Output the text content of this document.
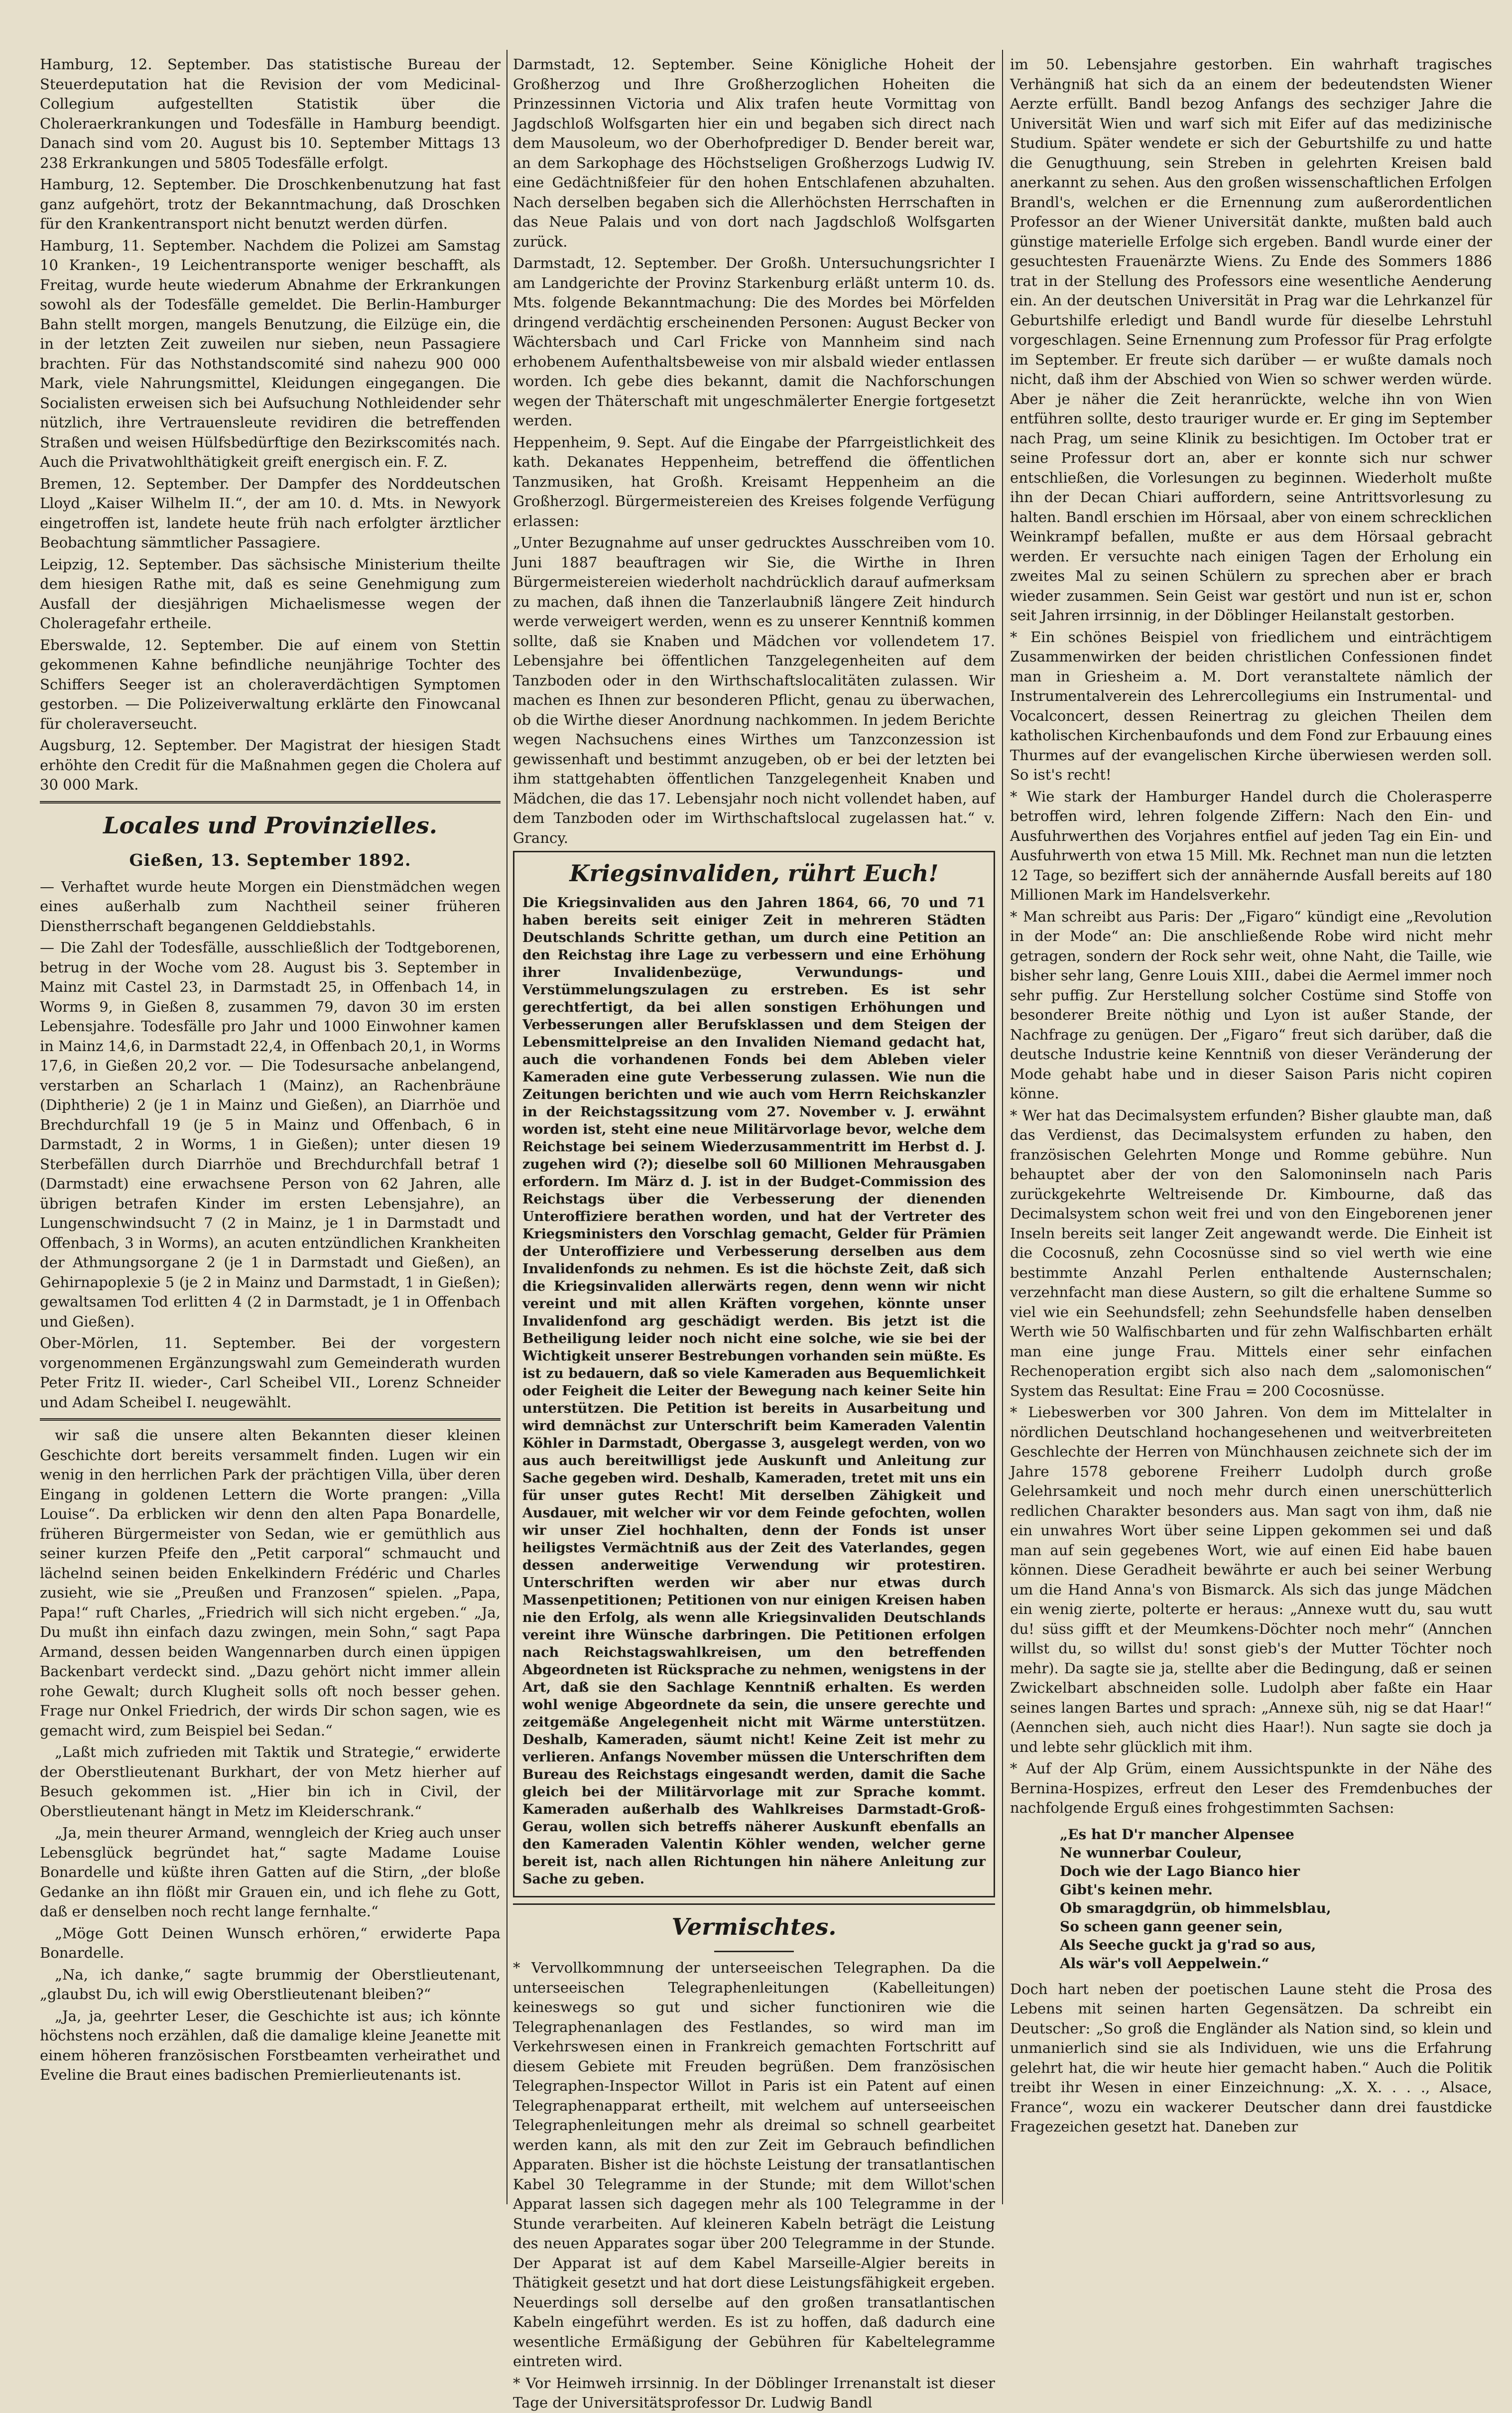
Hamburg, 12. September. Das statistische Bureau der Steuerdeputation hat die Revision der vom Medicinal-Collegium aufgestellten Statistik über die Choleraerkrankungen und Todesfälle in Hamburg beendigt. Danach sind vom 20. August bis 10. September Mittags 13 238 Erkrankungen und 5805 Todesfälle erfolgt.

Hamburg, 12. September. Die Droschkenbenutzung hat fast ganz aufgehört, trotz der Bekanntmachung, daß Droschken für den Krankentransport nicht benutzt werden dürfen.

Hamburg, 11. September. Nachdem die Polizei am Samstag 10 Kranken-, 19 Leichentransporte weniger beschafft, als Freitag, wurde heute wiederum Abnahme der Erkrankungen sowohl als der Todesfälle gemeldet. Die Berlin-Hamburger Bahn stellt morgen, mangels Benutzung, die Eilzüge ein, die in der letzten Zeit zuweilen nur sieben, neun Passagiere brachten. Für das Nothstandscomité sind nahezu 900 000 Mark, viele Nahrungsmittel, Kleidungen eingegangen. Die Socialisten erweisen sich bei Aufsuchung Nothleidender sehr nützlich, ihre Vertrauensleute revidiren die betreffenden Straßen und weisen Hülfsbedürftige den Bezirkscomités nach. Auch die Privatwohlthätigkeit greift energisch ein. F. Z.

Bremen, 12. September. Der Dampfer des Norddeutschen Lloyd „Kaiser Wilhelm II.“, der am 10. d. Mts. in Newyork eingetroffen ist, landete heute früh nach erfolgter ärztlicher Beobachtung sämmtlicher Passagiere.

Leipzig, 12. September. Das sächsische Ministerium theilte dem hiesigen Rathe mit, daß es seine Genehmigung zum Ausfall der diesjährigen Michaelismesse wegen der Choleragefahr ertheile.

Eberswalde, 12. September. Die auf einem von Stettin gekommenen Kahne befindliche neunjährige Tochter des Schiffers Seeger ist an choleraverdächtigen Symptomen gestorben. — Die Polizeiverwaltung erklärte den Finowcanal für choleraverseucht.

Augsburg, 12. September. Der Magistrat der hiesigen Stadt erhöhte den Credit für die Maßnahmen gegen die Cholera auf 30 000 Mark.

Locales und Provinzielles.
Gießen, 13. September 1892.

— Verhaftet wurde heute Morgen ein Dienstmädchen wegen eines außerhalb zum Nachtheil seiner früheren Dienstherrschaft begangenen Gelddiebstahls.

— Die Zahl der Todesfälle, ausschließlich der Todtgeborenen, betrug in der Woche vom 28. August bis 3. September in Mainz mit Castel 23, in Darmstadt 25, in Offenbach 14, in Worms 9, in Gießen 8, zusammen 79, davon 30 im ersten Lebensjahre. Todesfälle pro Jahr und 1000 Einwohner kamen in Mainz 14,6, in Darmstadt 22,4, in Offenbach 20,1, in Worms 17,6, in Gießen 20,2 vor. — Die Todesursache anbelangend, verstarben an Scharlach 1 (Mainz), an Rachenbräune (Diphtherie) 2 (je 1 in Mainz und Gießen), an Diarrhöe und Brechdurchfall 19 (je 5 in Mainz und Offenbach, 6 in Darmstadt, 2 in Worms, 1 in Gießen); unter diesen 19 Sterbefällen durch Diarrhöe und Brechdurchfall betraf 1 (Darmstadt) eine erwachsene Person von 62 Jahren, alle übrigen betrafen Kinder im ersten Lebensjahre), an Lungenschwindsucht 7 (2 in Mainz, je 1 in Darmstadt und Offenbach, 3 in Worms), an acuten entzündlichen Krankheiten der Athmungsorgane 2 (je 1 in Darmstadt und Gießen), an Gehirnapoplexie 5 (je 2 in Mainz und Darmstadt, 1 in Gießen); gewaltsamen Tod erlitten 4 (2 in Darmstadt, je 1 in Offenbach und Gießen).

Ober-Mörlen, 11. September. Bei der vorgestern vorgenommenen Ergänzungswahl zum Gemeinderath wurden Peter Fritz II. wieder-, Carl Scheibel VII., Lorenz Schneider und Adam Scheibel I. neugewählt.

wir saß die unsere alten Bekannten dieser kleinen Geschichte dort bereits versammelt finden. Lugen wir ein wenig in den herrlichen Park der prächtigen Villa, über deren Eingang in goldenen Lettern die Worte prangen: „Villa Louise“. Da erblicken wir denn den alten Papa Bonardelle, früheren Bürgermeister von Sedan, wie er gemüthlich aus seiner kurzen Pfeife den „Petit carporal“ schmaucht und lächelnd seinen beiden Enkelkindern Frédéric und Charles zusieht, wie sie „Preußen und Franzosen“ spielen. „Papa, Papa!“ ruft Charles, „Friedrich will sich nicht ergeben.“ „Ja, Du mußt ihn einfach dazu zwingen, mein Sohn,“ sagt Papa Armand, dessen beiden Wangennarben durch einen üppigen Backenbart verdeckt sind. „Dazu gehört nicht immer allein rohe Gewalt; durch Klugheit solls oft noch besser gehen. Frage nur Onkel Friedrich, der wirds Dir schon sagen, wie es gemacht wird, zum Beispiel bei Sedan.“

„Laßt mich zufrieden mit Taktik und Strategie,“ erwiderte der Oberstlieutenant Burkhart, der von Metz hierher auf Besuch gekommen ist. „Hier bin ich in Civil, der Oberstlieutenant hängt in Metz im Kleiderschrank.“

„Ja, mein theurer Armand, wenngleich der Krieg auch unser Lebensglück begründet hat,“ sagte Madame Louise Bonardelle und küßte ihren Gatten auf die Stirn, „der bloße Gedanke an ihn flößt mir Grauen ein, und ich flehe zu Gott, daß er denselben noch recht lange fernhalte.“

„Möge Gott Deinen Wunsch erhören,“ erwiderte Papa Bonardelle.

„Na, ich danke,“ sagte brummig der Oberstlieutenant, „glaubst Du, ich will ewig Oberstlieutenant bleiben?“

„Ja, ja, geehrter Leser, die Geschichte ist aus; ich könnte höchstens noch erzählen, daß die damalige kleine Jeanette mit einem höheren französischen Forstbeamten verheirathet und Eveline die Braut eines badischen Premierlieutenants ist.

Darmstadt, 12. September. Seine Königliche Hoheit der Großherzog und Ihre Großherzoglichen Hoheiten die Prinzessinnen Victoria und Alix trafen heute Vormittag von Jagdschloß Wolfsgarten hier ein und begaben sich direct nach dem Mausoleum, wo der Oberhofprediger D. Bender bereit war, an dem Sarkophage des Höchstseligen Großherzogs Ludwig IV. eine Gedächtnißfeier für den hohen Entschlafenen abzuhalten. Nach derselben begaben sich die Allerhöchsten Herrschaften in das Neue Palais und von dort nach Jagdschloß Wolfsgarten zurück.

Darmstadt, 12. September. Der Großh. Untersuchungsrichter I am Landgerichte der Provinz Starkenburg erläßt unterm 10. ds. Mts. folgende Bekanntmachung: Die des Mordes bei Mörfelden dringend verdächtig erscheinenden Personen: August Becker von Wächtersbach und Carl Fricke von Mannheim sind nach erhobenem Aufenthaltsbeweise von mir alsbald wieder entlassen worden. Ich gebe dies bekannt, damit die Nachforschungen wegen der Thäterschaft mit ungeschmälerter Energie fortgesetzt werden.

Heppenheim, 9. Sept. Auf die Eingabe der Pfarrgeistlichkeit des kath. Dekanates Heppenheim, betreffend die öffentlichen Tanzmusiken, hat Großh. Kreisamt Heppenheim an die Großherzogl. Bürgermeistereien des Kreises folgende Verfügung erlassen:

„Unter Bezugnahme auf unser gedrucktes Ausschreiben vom 10. Juni 1887 beauftragen wir Sie, die Wirthe in Ihren Bürgermeistereien wiederholt nachdrücklich darauf aufmerksam zu machen, daß ihnen die Tanzerlaubniß längere Zeit hindurch werde verweigert werden, wenn es zu unserer Kenntniß kommen sollte, daß sie Knaben und Mädchen vor vollendetem 17. Lebensjahre bei öffentlichen Tanzgelegenheiten auf dem Tanzboden oder in den Wirthschaftslocalitäten zulassen. Wir machen es Ihnen zur besonderen Pflicht, genau zu überwachen, ob die Wirthe dieser Anordnung nachkommen. In jedem Berichte wegen Nachsuchens eines Wirthes um Tanzconzession ist gewissenhaft und bestimmt anzugeben, ob er bei der letzten bei ihm stattgehabten öffentlichen Tanzgelegenheit Knaben und Mädchen, die das 17. Lebensjahr noch nicht vollendet haben, auf dem Tanzboden oder im Wirthschaftslocal zugelassen hat.“ v. Grancy.

Kriegsinvaliden, rührt Euch!

Die Kriegsinvaliden aus den Jahren 1864, 66, 70 und 71 haben bereits seit einiger Zeit in mehreren Städten Deutschlands Schritte gethan, um durch eine Petition an den Reichstag ihre Lage zu verbessern und eine Erhöhung ihrer Invalidenbezüge, Verwundungs- und Verstümmelungszulagen zu erstreben. Es ist sehr gerechtfertigt, da bei allen sonstigen Erhöhungen und Verbesserungen aller Berufsklassen und dem Steigen der Lebensmittelpreise an den Invaliden Niemand gedacht hat, auch die vorhandenen Fonds bei dem Ableben vieler Kameraden eine gute Verbesserung zulassen. Wie nun die Zeitungen berichten und wie auch vom Herrn Reichskanzler in der Reichstagssitzung vom 27. November v. J. erwähnt worden ist, steht eine neue Militärvorlage bevor, welche dem Reichstage bei seinem Wiederzusammentritt im Herbst d. J. zugehen wird (?); dieselbe soll 60 Millionen Mehrausgaben erfordern. Im März d. J. ist in der Budget-Commission des Reichstags über die Verbesserung der dienenden Unteroffiziere berathen worden, und hat der Vertreter des Kriegsministers den Vorschlag gemacht, Gelder für Prämien der Unteroffiziere und Verbesserung derselben aus dem Invalidenfonds zu nehmen. Es ist die höchste Zeit, daß sich die Kriegsinvaliden allerwärts regen, denn wenn wir nicht vereint und mit allen Kräften vorgehen, könnte unser Invalidenfond arg geschädigt werden. Bis jetzt ist die Betheiligung leider noch nicht eine solche, wie sie bei der Wichtigkeit unserer Bestrebungen vorhanden sein müßte. Es ist zu bedauern, daß so viele Kameraden aus Bequemlichkeit oder Feigheit die Leiter der Bewegung nach keiner Seite hin unterstützen. Die Petition ist bereits in Ausarbeitung und wird demnächst zur Unterschrift beim Kameraden Valentin Köhler in Darmstadt, Obergasse 3, ausgelegt werden, von wo aus auch bereitwilligst jede Auskunft und Anleitung zur Sache gegeben wird. Deshalb, Kameraden, tretet mit uns ein für unser gutes Recht! Mit derselben Zähigkeit und Ausdauer, mit welcher wir vor dem Feinde gefochten, wollen wir unser Ziel hochhalten, denn der Fonds ist unser heiligstes Vermächtniß aus der Zeit des Vaterlandes, gegen dessen anderweitige Verwendung wir protestiren. Unterschriften werden wir aber nur etwas durch Massenpetitionen; Petitionen von nur einigen Kreisen haben nie den Erfolg, als wenn alle Kriegsinvaliden Deutschlands vereint ihre Wünsche darbringen. Die Petitionen erfolgen nach Reichstagswahlkreisen, um den betreffenden Abgeordneten ist Rücksprache zu nehmen, wenigstens in der Art, daß sie den Sachlage Kenntniß erhalten. Es werden wohl wenige Abgeordnete da sein, die unsere gerechte und zeitgemäße Angelegenheit nicht mit Wärme unterstützen. Deshalb, Kameraden, säumt nicht! Keine Zeit ist mehr zu verlieren. Anfangs November müssen die Unterschriften dem Bureau des Reichstags eingesandt werden, damit die Sache gleich bei der Militärvorlage mit zur Sprache kommt. Kameraden außerhalb des Wahlkreises Darmstadt-Groß-Gerau, wollen sich betreffs näherer Auskunft ebenfalls an den Kameraden Valentin Köhler wenden, welcher gerne bereit ist, nach allen Richtungen hin nähere Anleitung zur Sache zu geben.

Vermischtes.

* Vervollkommnung der unterseeischen Telegraphen. Da die unterseeischen Telegraphenleitungen (Kabelleitungen) keineswegs so gut und sicher functioniren wie die Telegraphenanlagen des Festlandes, so wird man im Verkehrswesen einen in Frankreich gemachten Fortschritt auf diesem Gebiete mit Freuden begrüßen. Dem französischen Telegraphen-Inspector Willot in Paris ist ein Patent auf einen Telegraphenapparat ertheilt, mit welchem auf unterseeischen Telegraphenleitungen mehr als dreimal so schnell gearbeitet werden kann, als mit den zur Zeit im Gebrauch befindlichen Apparaten. Bisher ist die höchste Leistung der transatlantischen Kabel 30 Telegramme in der Stunde; mit dem Willot'schen Apparat lassen sich dagegen mehr als 100 Telegramme in der Stunde verarbeiten. Auf kleineren Kabeln beträgt die Leistung des neuen Apparates sogar über 200 Telegramme in der Stunde. Der Apparat ist auf dem Kabel Marseille-Algier bereits in Thätigkeit gesetzt und hat dort diese Leistungsfähigkeit ergeben. Neuerdings soll derselbe auf den großen transatlantischen Kabeln eingeführt werden. Es ist zu hoffen, daß dadurch eine wesentliche Ermäßigung der Gebühren für Kabeltelegramme eintreten wird.

* Vor Heimweh irrsinnig. In der Döblinger Irrenanstalt ist dieser Tage der Universitätsprofessor Dr. Ludwig Bandl

im 50. Lebensjahre gestorben. Ein wahrhaft tragisches Verhängniß hat sich da an einem der bedeutendsten Wiener Aerzte erfüllt. Bandl bezog Anfangs des sechziger Jahre die Universität Wien und warf sich mit Eifer auf das medizinische Studium. Später wendete er sich der Geburtshilfe zu und hatte die Genugthuung, sein Streben in gelehrten Kreisen bald anerkannt zu sehen. Aus den großen wissenschaftlichen Erfolgen Brandl's, welchen er die Ernennung zum außerordentlichen Professor an der Wiener Universität dankte, mußten bald auch günstige materielle Erfolge sich ergeben. Bandl wurde einer der gesuchtesten Frauenärzte Wiens. Zu Ende des Sommers 1886 trat in der Stellung des Professors eine wesentliche Aenderung ein. An der deutschen Universität in Prag war die Lehrkanzel für Geburtshilfe erledigt und Bandl wurde für dieselbe Lehrstuhl vorgeschlagen. Seine Ernennung zum Professor für Prag erfolgte im September. Er freute sich darüber — er wußte damals noch nicht, daß ihm der Abschied von Wien so schwer werden würde. Aber je näher die Zeit heranrückte, welche ihn von Wien entführen sollte, desto trauriger wurde er. Er ging im September nach Prag, um seine Klinik zu besichtigen. Im October trat er seine Professur dort an, aber er konnte sich nur schwer entschließen, die Vorlesungen zu beginnen. Wiederholt mußte ihn der Decan Chiari auffordern, seine Antrittsvorlesung zu halten. Bandl erschien im Hörsaal, aber von einem schrecklichen Weinkrampf befallen, mußte er aus dem Hörsaal gebracht werden. Er versuchte nach einigen Tagen der Erholung ein zweites Mal zu seinen Schülern zu sprechen aber er brach wieder zusammen. Sein Geist war gestört und nun ist er, schon seit Jahren irrsinnig, in der Döblinger Heilanstalt gestorben.

* Ein schönes Beispiel von friedlichem und einträchtigem Zusammenwirken der beiden christlichen Confessionen findet man in Griesheim a. M. Dort veranstaltete nämlich der Instrumentalverein des Lehrercollegiums ein Instrumental- und Vocalconcert, dessen Reinertrag zu gleichen Theilen dem katholischen Kirchenbaufonds und dem Fond zur Erbauung eines Thurmes auf der evangelischen Kirche überwiesen werden soll. So ist's recht!

* Wie stark der Hamburger Handel durch die Cholerasperre betroffen wird, lehren folgende Ziffern: Nach den Ein- und Ausfuhrwerthen des Vorjahres entfiel auf jeden Tag ein Ein- und Ausfuhrwerth von etwa 15 Mill. Mk. Rechnet man nun die letzten 12 Tage, so beziffert sich der annähernde Ausfall bereits auf 180 Millionen Mark im Handelsverkehr.

* Man schreibt aus Paris: Der „Figaro“ kündigt eine „Revolution in der Mode“ an: Die anschließende Robe wird nicht mehr getragen, sondern der Rock sehr weit, ohne Naht, die Taille, wie bisher sehr lang, Genre Louis XIII., dabei die Aermel immer noch sehr puffig. Zur Herstellung solcher Costüme sind Stoffe von besonderer Breite nöthig und Lyon ist außer Stande, der Nachfrage zu genügen. Der „Figaro“ freut sich darüber, daß die deutsche Industrie keine Kenntniß von dieser Veränderung der Mode gehabt habe und in dieser Saison Paris nicht copiren könne.

* Wer hat das Decimalsystem erfunden? Bisher glaubte man, daß das Verdienst, das Decimalsystem erfunden zu haben, den französischen Gelehrten Monge und Romme gebühre. Nun behauptet aber der von den Salomoninseln nach Paris zurückgekehrte Weltreisende Dr. Kimbourne, daß das Decimalsystem schon weit frei und von den Eingeborenen jener Inseln bereits seit langer Zeit angewandt werde. Die Einheit ist die Cocosnuß, zehn Cocosnüsse sind so viel werth wie eine bestimmte Anzahl Perlen enthaltende Austernschalen; verzehnfacht man diese Austern, so gilt die erhaltene Summe so viel wie ein Seehundsfell; zehn Seehundsfelle haben denselben Werth wie 50 Walfischbarten und für zehn Walfischbarten erhält man eine junge Frau. Mittels einer sehr einfachen Rechenoperation ergibt sich also nach dem „salomonischen“ System das Resultat: Eine Frau = 200 Cocosnüsse.

* Liebeswerben vor 300 Jahren. Von dem im Mittelalter in nördlichen Deutschland hochangesehenen und weitverbreiteten Geschlechte der Herren von Münchhausen zeichnete sich der im Jahre 1578 geborene Freiherr Ludolph durch große Gelehrsamkeit und noch mehr durch einen unerschütterlich redlichen Charakter besonders aus. Man sagt von ihm, daß nie ein unwahres Wort über seine Lippen gekommen sei und daß man auf sein gegebenes Wort, wie auf einen Eid habe bauen können. Diese Geradheit bewährte er auch bei seiner Werbung um die Hand Anna's von Bismarck. Als sich das junge Mädchen ein wenig zierte, polterte er heraus: „Annexe wutt du, sau wutt du! süss gifft et der Meumkens-Döchter noch mehr“ (Annchen willst du, so willst du! sonst gieb's der Mutter Töchter noch mehr). Da sagte sie ja, stellte aber die Bedingung, daß er seinen Zwickelbart abschneiden solle. Ludolph aber faßte ein Haar seines langen Bartes und sprach: „Annexe süh, nig se dat Haar!“ (Aennchen sieh, auch nicht dies Haar!). Nun sagte sie doch ja und lebte sehr glücklich mit ihm.

* Auf der Alp Grüm, einem Aussichtspunkte in der Nähe des Bernina-Hospizes, erfreut den Leser des Fremdenbuches der nachfolgende Erguß eines frohgestimmten Sachsen:

„Es hat D'r mancher Alpensee
Ne wunnerbar Couleur,
Doch wie der Lago Bianco hier
Gibt's keinen mehr.
Ob smaragdgrün, ob himmelsblau,
So scheen gann geener sein,
Als Seeche guckt ja g'rad so aus,
Als wär's voll Aeppelwein.“

Doch hart neben der poetischen Laune steht die Prosa des Lebens mit seinen harten Gegensätzen. Da schreibt ein Deutscher: „So groß die Engländer als Nation sind, so klein und unmanierlich sind sie als Individuen, wie uns die Erfahrung gelehrt hat, die wir heute hier gemacht haben.“ Auch die Politik treibt ihr Wesen in einer Einzeichnung: „X. X. . . ., Alsace, France“, wozu ein wackerer Deutscher dann drei faustdicke Fragezeichen gesetzt hat. Daneben zur
